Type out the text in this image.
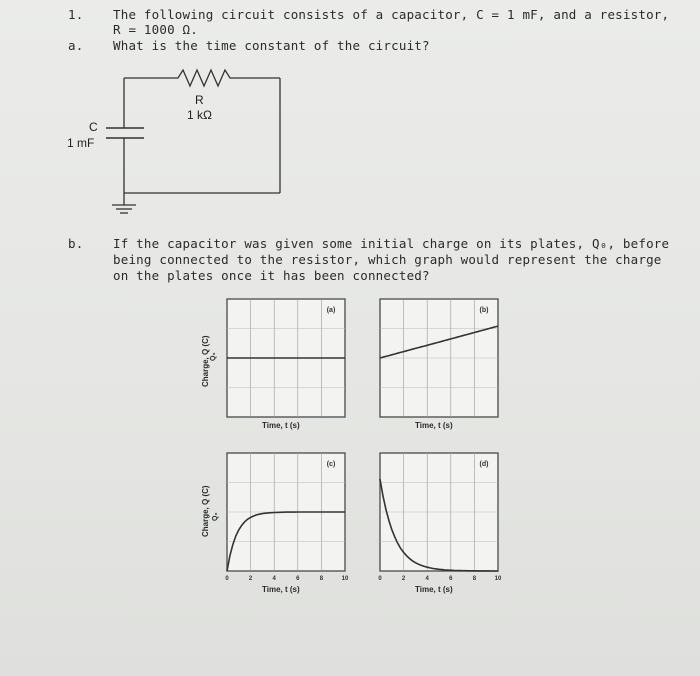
1. The following circuit consists of a capacitor, C = 1 mF, and a resistor,
R = 1000 Ω.
a. What is the time constant of the circuit?
R
1 kΩ
C
1 mF
b. If the capacitor was given some initial charge on its plates, Q₀, before
being connected to the resistor, which graph would represent the charge
on the plates once it has been connected?
(a)	(b)
(c)
0	2	4	6	8	10
(d)
0	2	4	6	8	10
Charge, Q (C)
Charge, Q (C)
Q₀
Q₀
Time, t (s)	Time, t (s)
Time, t (s)	Time, t (s)
